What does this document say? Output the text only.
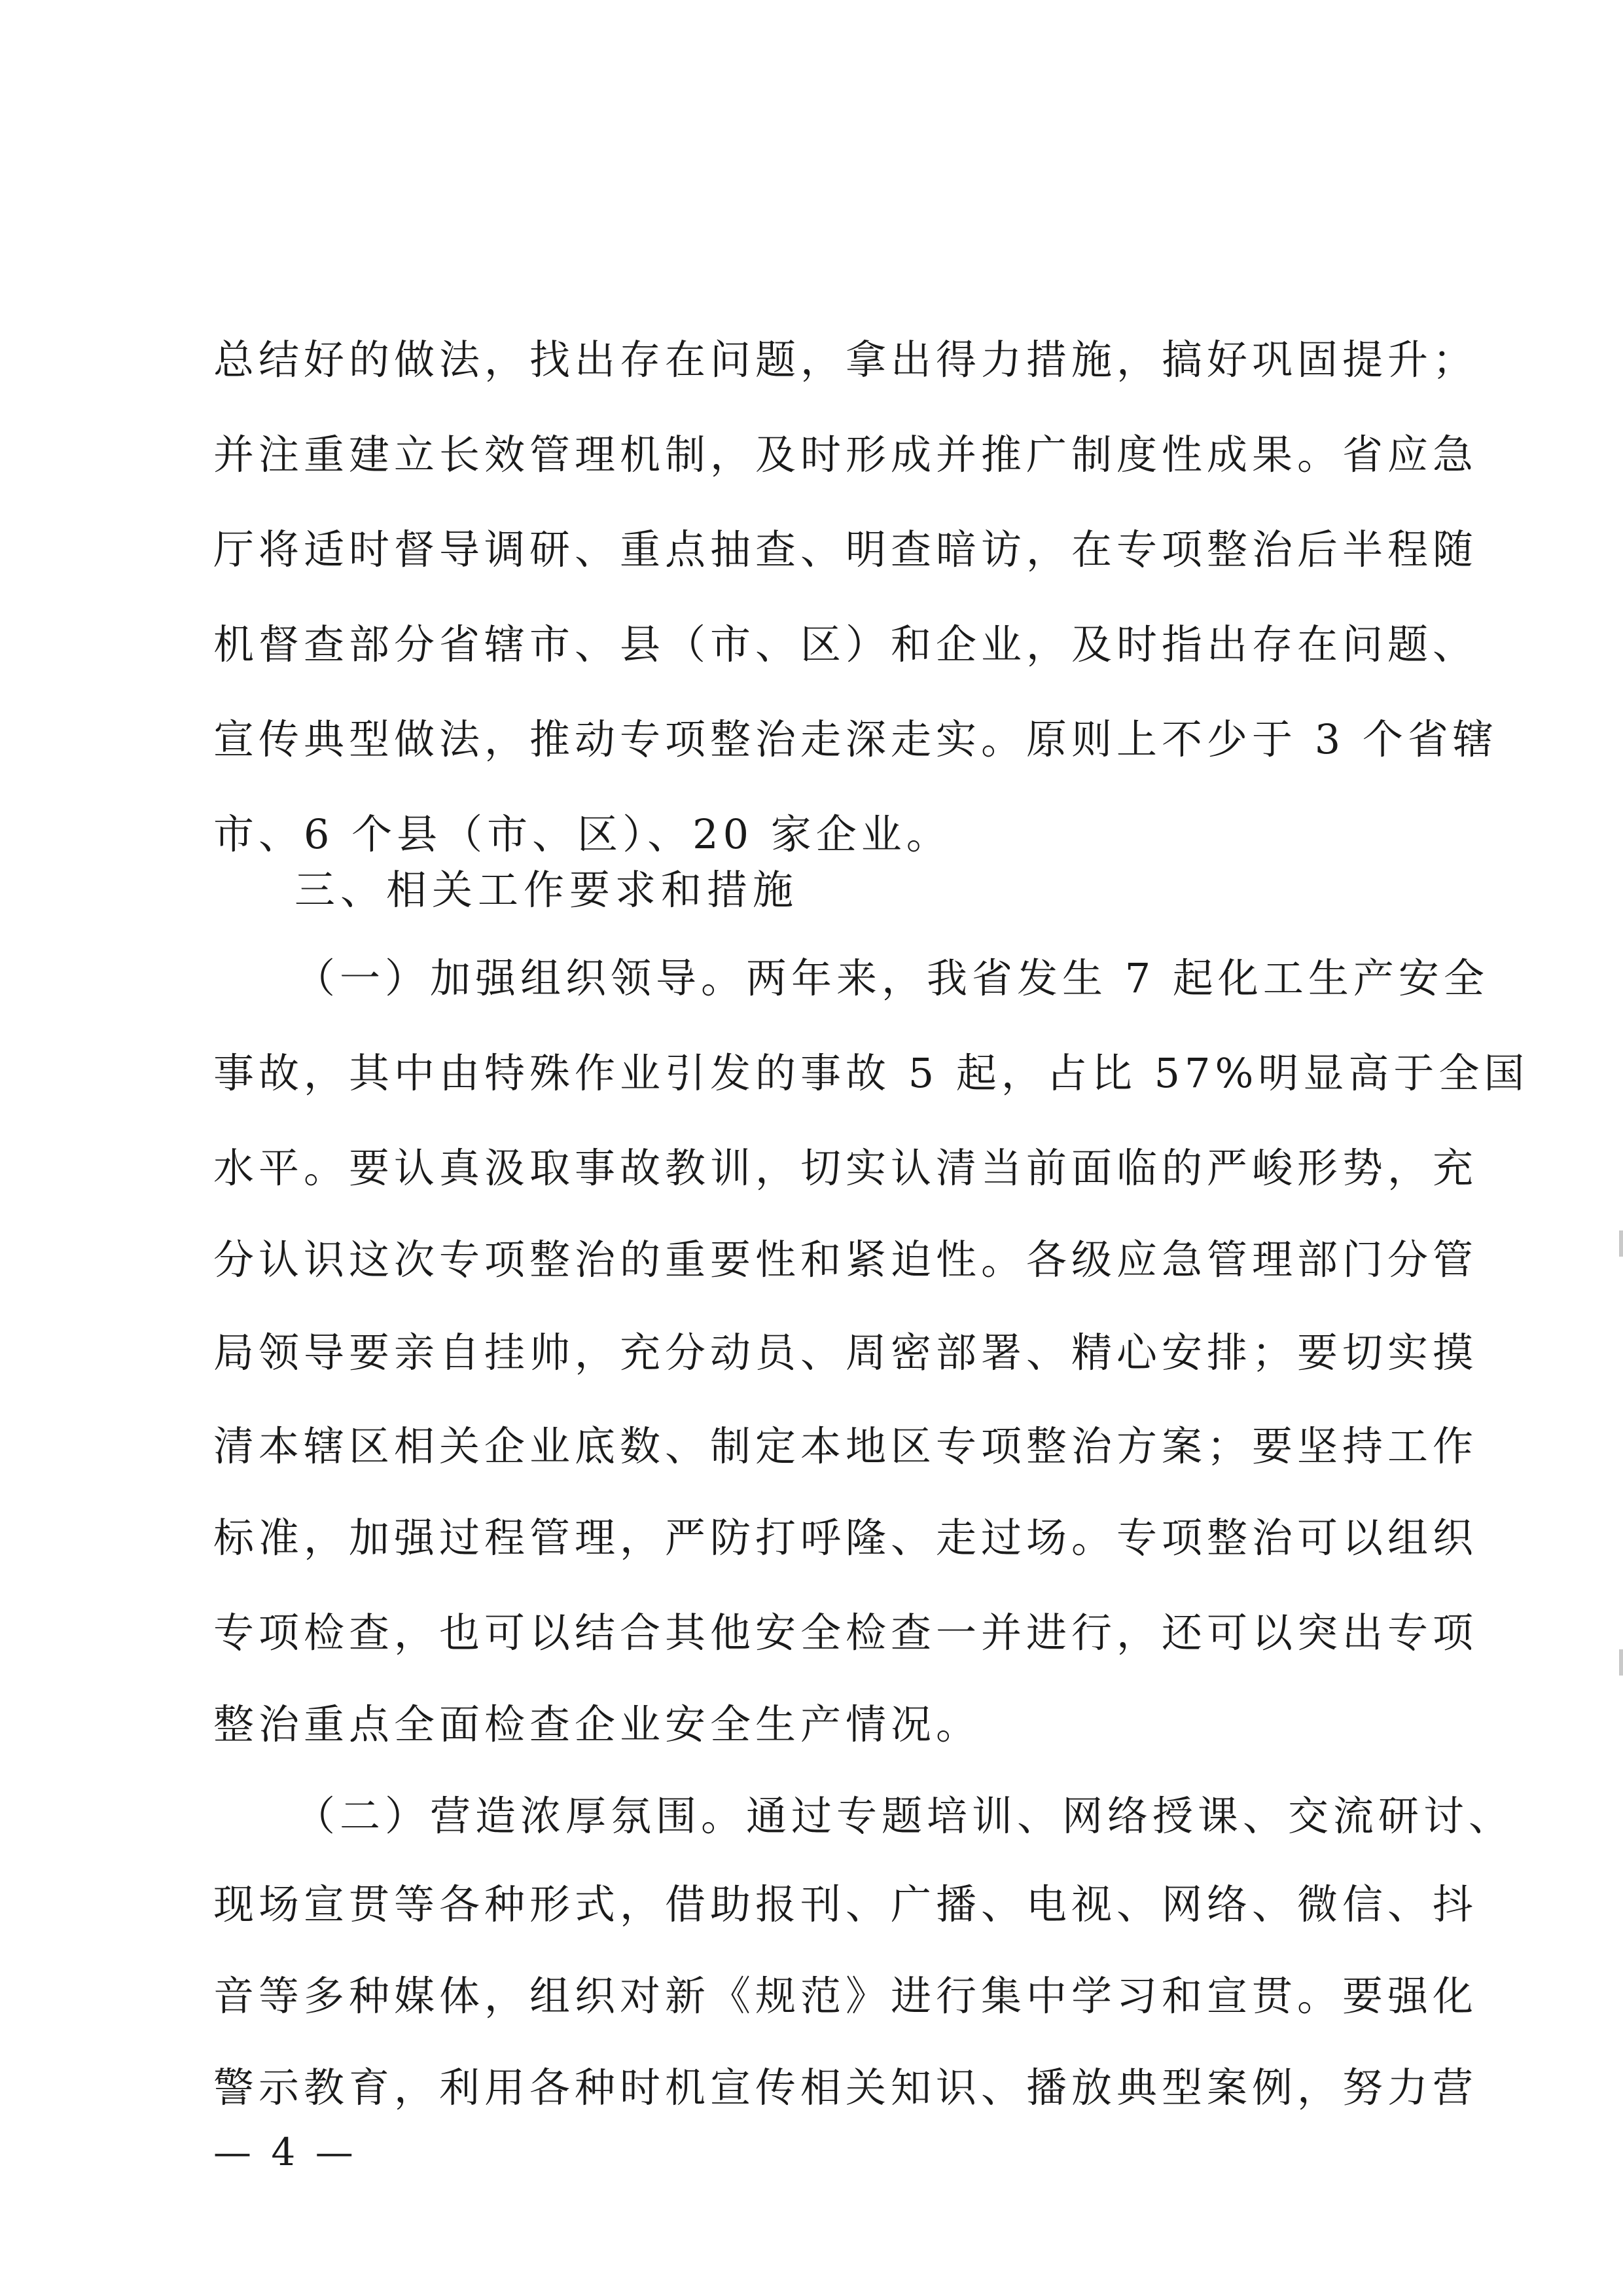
总结好的做法，找出存在问题，拿出得力措施，搞好巩固提升；
并注重建立长效管理机制，及时形成并推广制度性成果。省应急
厅将适时督导调研、重点抽查、明查暗访，在专项整治后半程随
机督查部分省辖市、县（市、区）和企业，及时指出存在问题、
宣传典型做法，推动专项整治走深走实。原则上不少于 3 个省辖
市、6 个县（市、区）、20 家企业。
三、相关工作要求和措施
（一）加强组织领导。两年来，我省发生 7 起化工生产安全
事故，其中由特殊作业引发的事故 5 起，占比 57%明显高于全国
水平。要认真汲取事故教训，切实认清当前面临的严峻形势，充
分认识这次专项整治的重要性和紧迫性。各级应急管理部门分管
局领导要亲自挂帅，充分动员、周密部署、精心安排；要切实摸
清本辖区相关企业底数、制定本地区专项整治方案；要坚持工作
标准，加强过程管理，严防打呼隆、走过场。专项整治可以组织
专项检查，也可以结合其他安全检查一并进行，还可以突出专项
整治重点全面检查企业安全生产情况。
（二）营造浓厚氛围。通过专题培训、网络授课、交流研讨、
现场宣贯等各种形式，借助报刊、广播、电视、网络、微信、抖
音等多种媒体，组织对新《规范》进行集中学习和宣贯。要强化
警示教育，利用各种时机宣传相关知识、播放典型案例，努力营
— 4 —
